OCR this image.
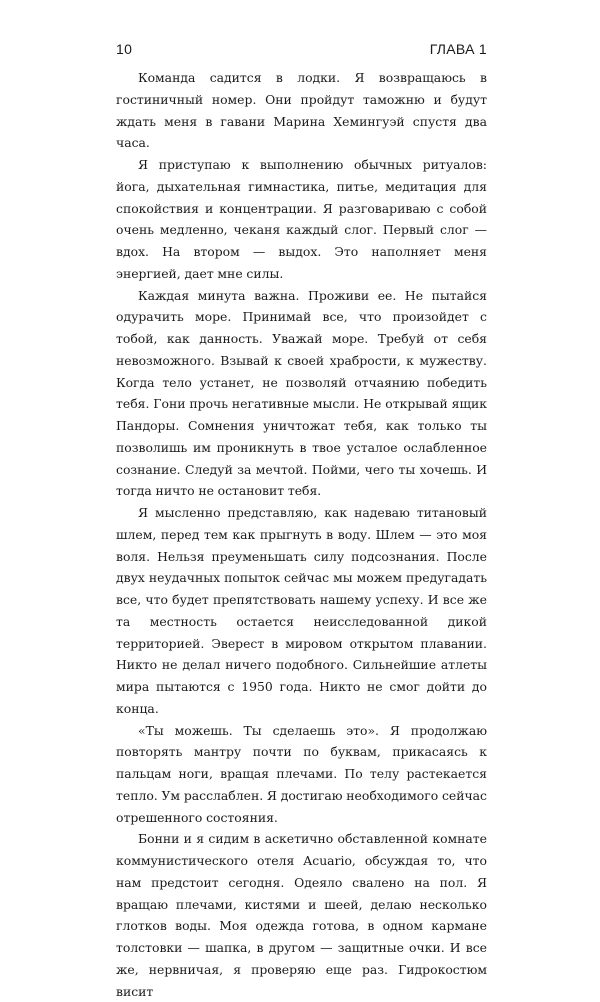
10	ГЛАВА 1

Команда садится в лодки. Я возвращаюсь в гостиничный номер. Они пройдут таможню и будут ждать меня в гавани Марина Хемингуэй спустя два часа.

Я приступаю к выполнению обычных ритуалов: йога, дыхательная гимнастика, питье, медитация для спокойствия и концентрации. Я разговариваю с собой очень медленно, чеканя каждый слог. Первый слог — вдох. На втором — выдох. Это наполняет меня энергией, дает мне силы.

Каждая минута важна. Проживи ее. Не пытайся одурачить море. Принимай все, что произойдет с тобой, как данность. Уважай море. Требуй от себя невозможного. Взывай к своей храбрости, к мужеству. Когда тело устанет, не позволяй отчаянию победить тебя. Гони прочь негативные мысли. Не открывай ящик Пандоры. Сомнения уничтожат тебя, как только ты позволишь им проникнуть в твое усталое ослабленное сознание. Следуй за мечтой. Пойми, чего ты хочешь. И тогда ничто не остановит тебя.

Я мысленно представляю, как надеваю титановый шлем, перед тем как прыгнуть в воду. Шлем — это моя воля. Нельзя преуменьшать силу подсознания. После двух неудачных попыток сейчас мы можем предугадать все, что будет препятствовать нашему успеху. И все же та местность остается неисследованной дикой территорией. Эверест в мировом открытом плавании. Никто не делал ничего подобного. Сильнейшие атлеты мира пытаются с 1950 года. Никто не смог дойти до конца.

«Ты можешь. Ты сделаешь это». Я продолжаю повторять мантру почти по буквам, прикасаясь к пальцам ноги, вращая плечами. По телу растекается тепло. Ум расслаблен. Я достигаю необходимого сейчас отрешенного состояния.

Бонни и я сидим в аскетично обставленной комнате коммунистического отеля Acuario, обсуждая то, что нам предстоит сегодня. Одеяло свалено на пол. Я вращаю плечами, кистями и шеей, делаю несколько глотков воды. Моя одежда готова, в одном кармане толстовки — шапка, в другом — защитные очки. И все же, нервничая, я проверяю еще раз. Гидрокостюм висит
